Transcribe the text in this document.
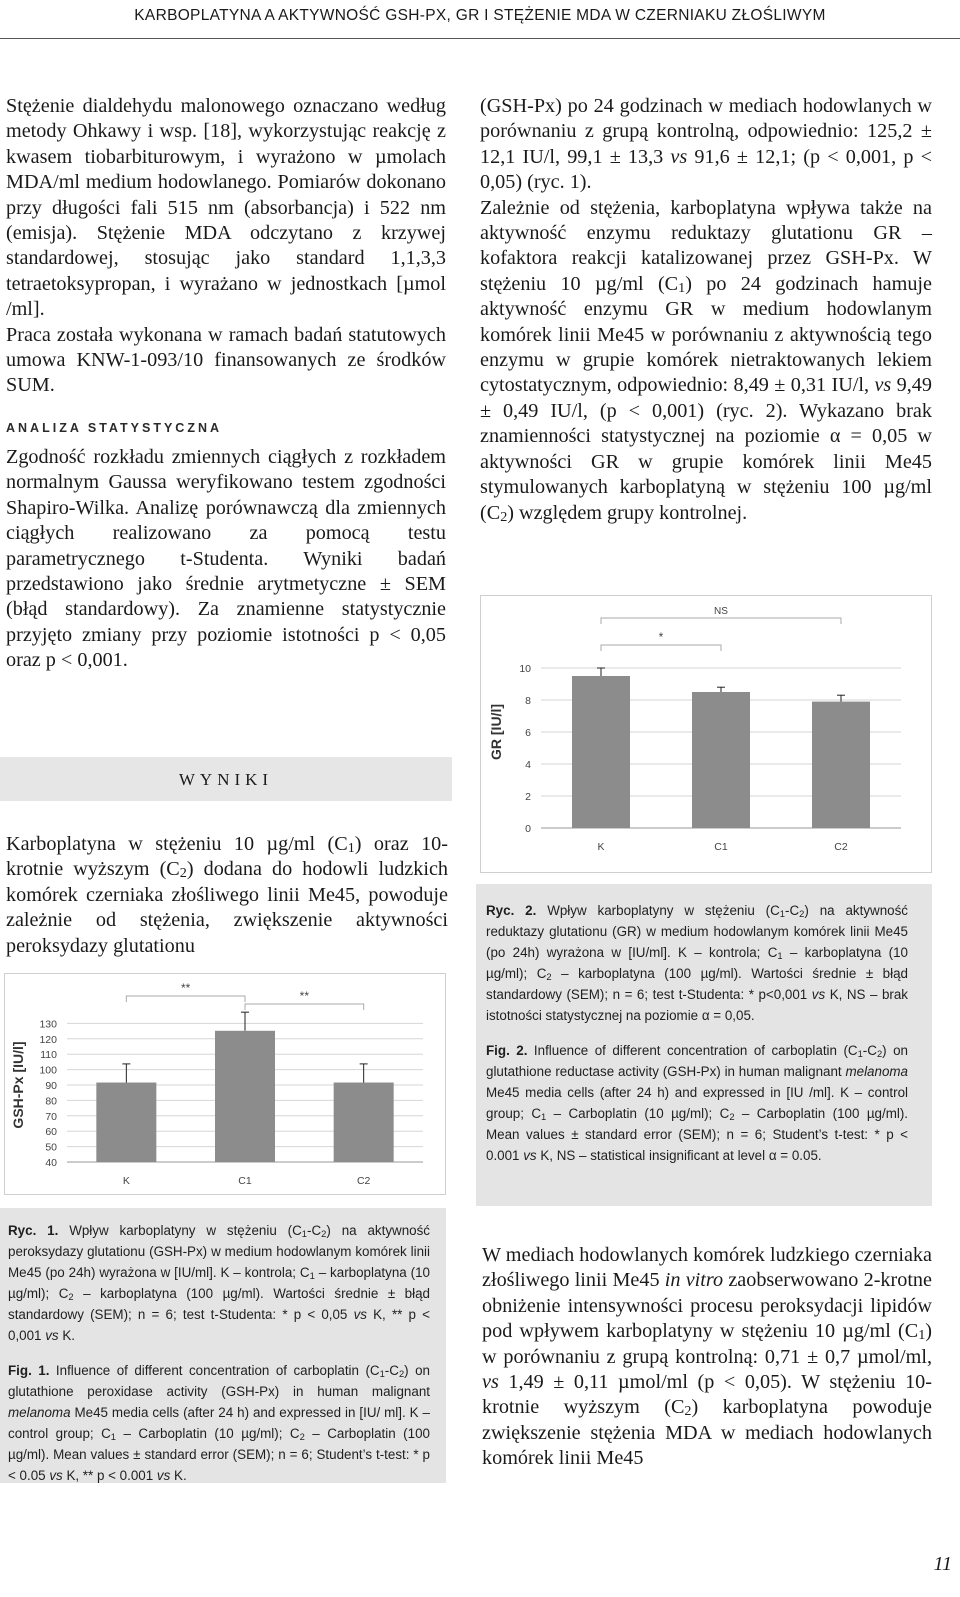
KARBOPLATYNA A AKTYWNOŚĆ GSH-PX, GR I STĘŻENIE MDA W CZERNIAKU ZŁOŚLIWYM

Stężenie dialdehydu malonowego oznaczano według metody Ohkawy i wsp. [18], wykorzystując reakcję z kwasem tiobarbiturowym, i wyrażono w µmolach MDA/ml medium hodowlanego. Pomiarów dokonano przy długości fali 515 nm (absorbancja) i 522 nm (emisja). Stężenie MDA odczytano z krzywej standardowej, stosując jako standard 1,1,3,3 tetraetoksypropan, i wyrażano w jednostkach [µmol /ml].

Praca została wykonana w ramach badań statutowych umowa KNW-1-093/10 finansowanych ze środków SUM.

ANALIZA STATYSTYCZNA

Zgodność rozkładu zmiennych ciągłych z rozkładem normalnym Gaussa weryfikowano testem zgodności Shapiro-Wilka. Analizę porównawczą dla zmiennych ciągłych realizowano za pomocą testu parametrycznego t-Studenta. Wyniki badań przedstawiono jako średnie arytmetyczne ± SEM (błąd standardowy). Za znamienne statystycznie przyjęto zmiany przy poziomie istotności p < 0,05 oraz p < 0,001.

(GSH-Px) po 24 godzinach w mediach hodowlanych w porównaniu z grupą kontrolną, odpowiednio: 125,2 ± 12,1 IU/l, 99,1 ± 13,3 vs 91,6 ± 12,1; (p < 0,001, p < 0,05) (ryc. 1).

Zależnie od stężenia, karboplatyna wpływa także na aktywność enzymu reduktazy glutationu GR – kofaktora reakcji katalizowanej przez GSH-Px. W stężeniu 10 µg/ml $(C_1)$ po 24 godzinach hamuje aktywność enzymu GR w medium hodowlanym komórek linii Me45 w porównaniu z aktywnością tego enzymu w grupie komórek nietraktowanych lekiem cytostatycznym, odpowiednio: 8,49 ± 0,31 IU/l, vs 9,49 ± 0,49 IU/l, (p < 0,001) (ryc. 2). Wykazano brak znamienności statystycznej na poziomie α = 0,05 w aktywności GR w grupie komórek linii Me45 stymulowanych karboplatyną w stężeniu 100 µg/ml $(C_2)$ względem grupy kontrolnej.

0
2
4
6
8
10
GR [IU/l]
K	C1	C2
*
NS
WYNIKI

Karboplatyna w stężeniu 10 µg/ml $(C_1)$ oraz 10-krotnie wyższym $(C_2)$ dodana do hodowli ludzkich komórek czerniaka złośliwego linii Me45, powoduje zależnie od stężenia, zwiększenie aktywności peroksydazy glutationu

Ryc. 2. Wpływ karboplatyny w stężeniu $(C_1-C_2)$ na aktywność reduktazy glutationu (GR) w medium hodowlanym komórek linii Me45 (po 24h) wyrażona w [IU/ml]. K – kontrola; $C_1$ – karboplatyna (10 µg/ml); $C_2$ – karboplatyna (100 µg/ml). Wartości średnie ± błąd standardowy (SEM); n = 6; test t-Studenta: * p<0,001 vs K, NS – brak istotności statystycznej na poziomie α = 0,05.

Fig. 2. Influence of different concentration of carboplatin $(C_1-C_2)$ on glutathione reductase activity (GSH-Px) in human malignant melanoma Me45 media cells (after 24 h) and expressed in [IU /ml]. K – control group; $C_1$ – Carboplatin (10 µg/ml); $C_2$ – Carboplatin (100 µg/ml). Mean values ± standard error (SEM); n = 6; Student’s t-test: * p < 0.001 vs K, NS – statistical insignificant at level α = 0.05.

40
50
60
70
80
90
100
110
120
130
GSH-Px [IU/l]
K	C1	C2
**
**

Ryc. 1. Wpływ karboplatyny w stężeniu $(C_1-C_2)$ na aktywność peroksydazy glutationu (GSH-Px) w medium hodowlanym komórek linii Me45 (po 24h) wyrażona w [IU/ml]. K – kontrola; $C_1$ – karboplatyna (10 µg/ml); $C_2$ – karboplatyna (100 µg/ml). Wartości średnie ± błąd standardowy (SEM); n = 6; test t-Studenta: * p < 0,05 vs K, ** p < 0,001 vs K.

Fig. 1. Influence of different concentration of carboplatin $(C_1-C_2)$ on glutathione peroxidase activity (GSH-Px) in human malignant melanoma Me45 media cells (after 24 h) and expressed in [IU/ ml]. K – control group; $C_1$ – Carboplatin (10 µg/ml); $C_2$ – Carboplatin (100 µg/ml). Mean values ± standard error (SEM); n = 6; Student’s t-test: * p < 0.05 vs K, ** p < 0.001 vs K.

W mediach hodowlanych komórek ludzkiego czerniaka złośliwego linii Me45 in vitro zaobserwowano 2-krotne obniżenie intensywności procesu peroksydacji lipidów pod wpływem karboplatyny w stężeniu 10 µg/ml $(C_1)$ w porównaniu z grupą kontrolną: 0,71 ± 0,7 µmol/ml, vs 1,49 ± 0,11 µmol/ml (p < 0,05). W stężeniu 10-krotnie wyższym $(C_2)$ karboplatyna powoduje zwiększenie stężenia MDA w mediach hodowlanych komórek linii Me45

11
